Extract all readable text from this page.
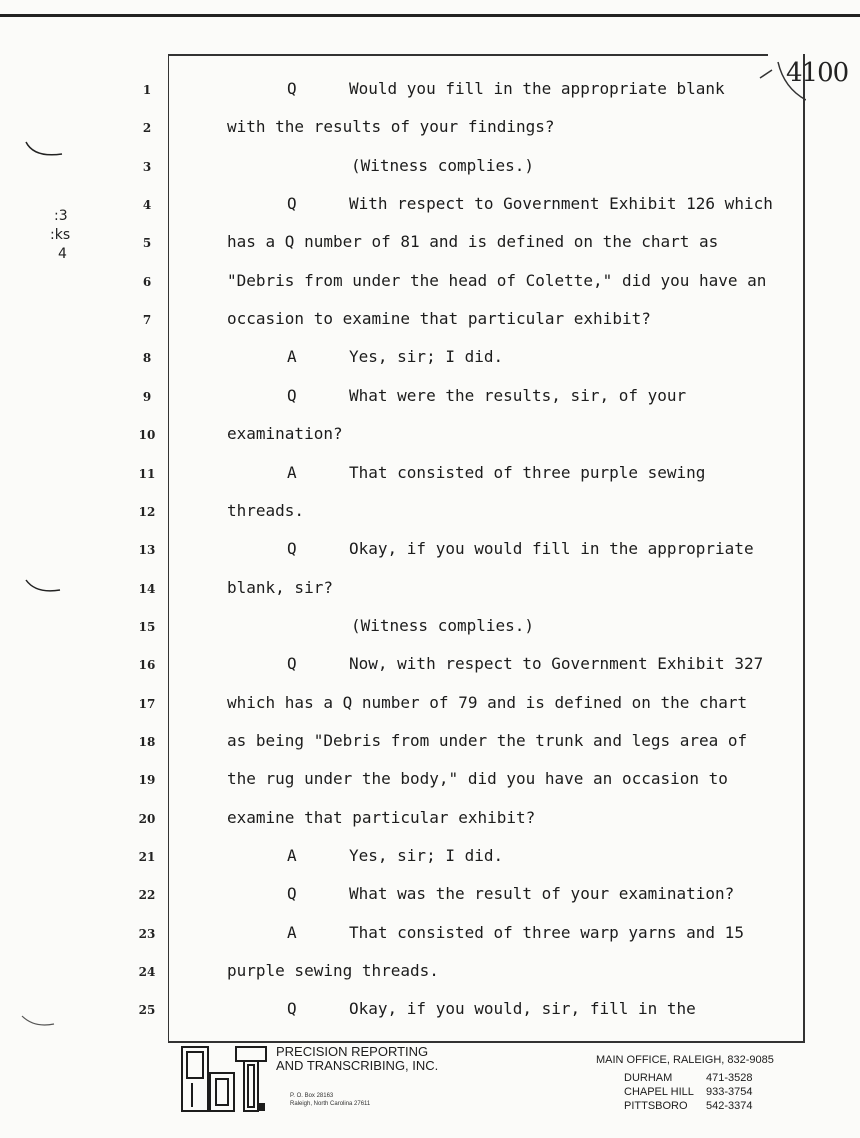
4100
:3
:ks
4
1	Q	Would you fill in the appropriate blank
2	with the results of your findings?
3	(Witness complies.)
4	Q	With respect to Government Exhibit 126 which
5	has a Q number of 81 and is defined on the chart as
6	"Debris from under the head of Colette," did you have an
7	occasion to examine that particular exhibit?
8	A	Yes, sir; I did.
9	Q	What were the results, sir, of your
10	examination?
11	A	That consisted of three purple sewing
12	threads.
13	Q	Okay, if you would fill in the appropriate
14	blank, sir?
15	(Witness complies.)
16	Q	Now, with respect to Government Exhibit 327
17	which has a Q number of 79 and is defined on the chart
18	as being "Debris from under the trunk and legs area of
19	the rug under the body," did you have an occasion to
20	examine that particular exhibit?
21	A	Yes, sir; I did.
22	Q	What was the result of your examination?
23	A	That consisted of three warp yarns and 15
24	purple sewing threads.
25	Q	Okay, if you would, sir, fill in the
PRECISION REPORTING
AND TRANSCRIBING, INC.
P. O. Box 28163
Raleigh, North Carolina 27611
MAIN OFFICE, RALEIGH, 832-9085
DURHAM	471-3528
CHAPEL HILL 933-3754
PITTSBORO 542-3374
